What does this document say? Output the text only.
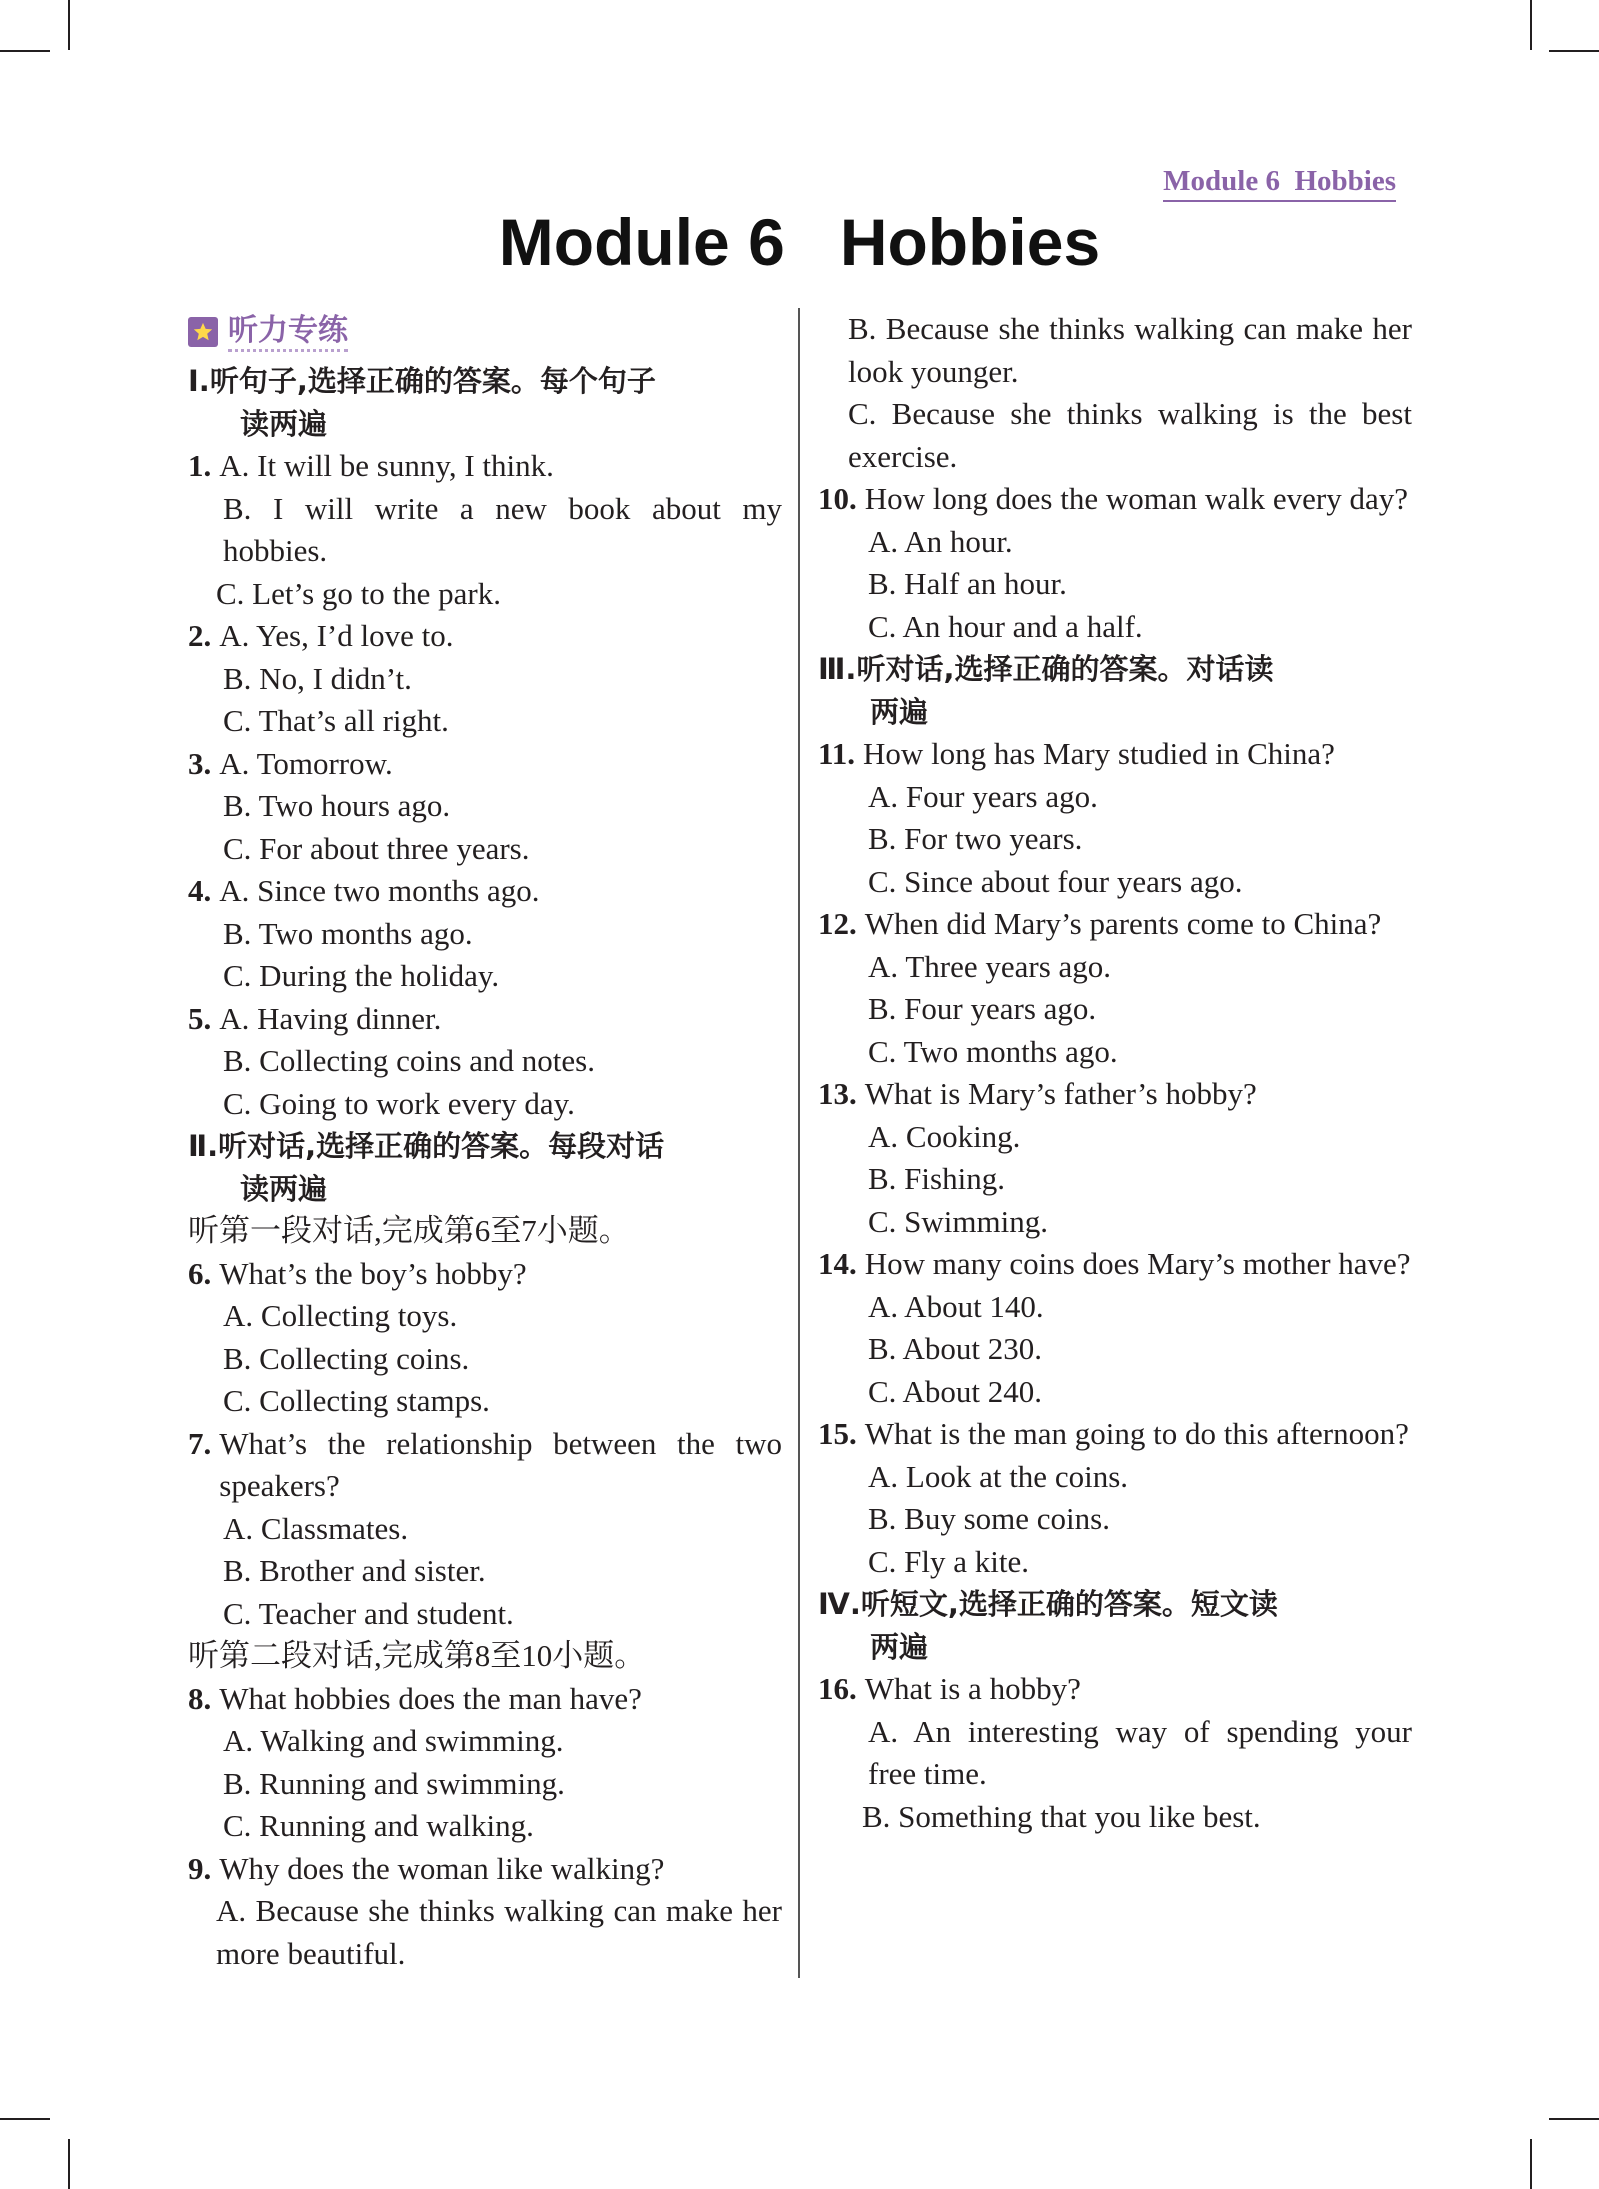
Module 6  Hobbies
Module 6   Hobbies
听力专练
Ⅰ.听句子,选择正确的答案。每个句子
读两遍
1. A. It will be sunny, I think.
B. I will write a new book about my hobbies.
C. Let’s go to the park.
2. A. Yes, I’d love to.
B. No, I didn’t.
C. That’s all right.
3. A. Tomorrow.
B. Two hours ago.
C. For about three years.
4. A. Since two months ago.
B. Two months ago.
C. During the holiday.
5. A. Having dinner.
B. Collecting coins and notes.
C. Going to work every day.
Ⅱ.听对话,选择正确的答案。每段对话
读两遍
听第一段对话,完成第6至7小题。
6. What’s the boy’s hobby?
A. Collecting toys.
B. Collecting coins.
C. Collecting stamps.
7. What’s the relationship between the two speakers?
A. Classmates.
B. Brother and sister.
C. Teacher and student.
听第二段对话,完成第8至10小题。
8. What hobbies does the man have?
A. Walking and swimming.
B. Running and swimming.
C. Running and walking.
9. Why does the woman like walking?
A. Because she thinks walking can make her more beautiful.
B. Because she thinks walking can make her look younger.
C. Because she thinks walking is the best exercise.
10. How long does the woman walk every day?
A. An hour.
B. Half an hour.
C. An hour and a half.
Ⅲ.听对话,选择正确的答案。对话读
两遍
11. How long has Mary studied in China?
A. Four years ago.
B. For two years.
C. Since about four years ago.
12. When did Mary’s parents come to China?
A. Three years ago.
B. Four years ago.
C. Two months ago.
13. What is Mary’s father’s hobby?
A. Cooking.
B. Fishing.
C. Swimming.
14. How many coins does Mary’s mother have?
A. About 140.
B. About 230.
C. About 240.
15. What is the man going to do this afternoon?
A. Look at the coins.
B. Buy some coins.
C. Fly a kite.
Ⅳ.听短文,选择正确的答案。短文读
两遍
16. What is a hobby?
A. An interesting way of spending your free time.
B. Something that you like best.
